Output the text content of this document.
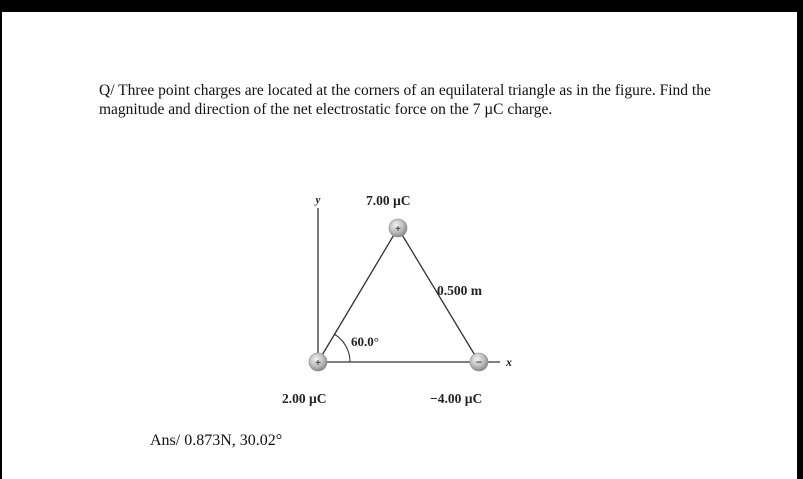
Q/ Three point charges are located at the corners of an equilateral triangle as in the figure. Find the magnitude and direction of the net electrostatic force on the 7 µC charge.

+
+	−
y
x
7.00 µC
0.500 m
60.0°
2.00 µC	−4.00 µC
Ans/ 0.873N, 30.02°
